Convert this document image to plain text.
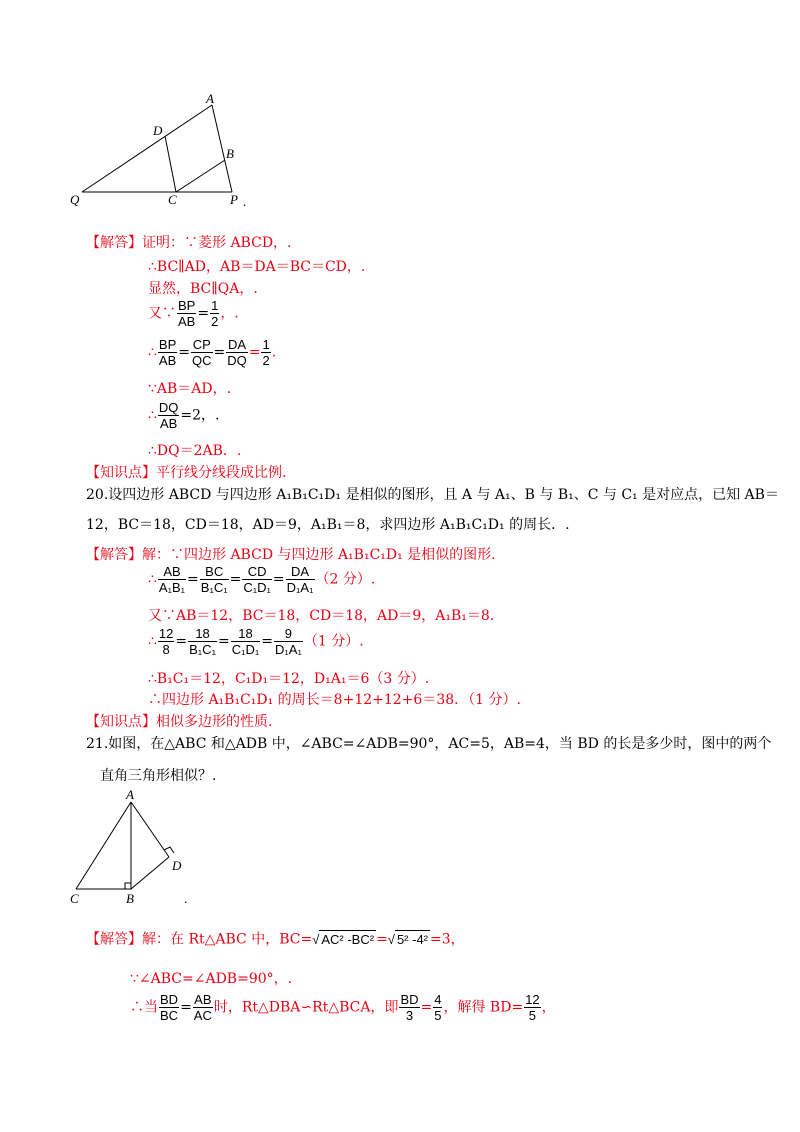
A
D
B
Q	C	P .
【解答】证明：∵菱形 ABCD，.
∴BC∥AD，AB＝DA＝BC＝CD，.
显然，BC∥QA，.
又∵ $\frac{BP}{AB} = \frac{1}{2}$ ，.
∴ $\frac{BP}{AB} = \frac{CP}{QC} = \frac{DA}{DQ} = \frac{1}{2}$ .
∵AB＝AD，.
∴ $\frac{DQ}{AB} =2$，.
∴DQ＝2AB．.
【知识点】平行线分线段成比例.
20.设四边形 ABCD 与四边形 A₁B₁C₁D₁ 是相似的图形，且 A 与 A₁、B 与 B₁、C 与 C₁ 是对应点，已知 AB＝
12，BC＝18，CD＝18，AD＝9，A₁B₁＝8，求四边形 A₁B₁C₁D₁ 的周长．.
【解答】解：∵四边形 ABCD 与四边形 A₁B₁C₁D₁ 是相似的图形.
∴ $\frac{AB}{\text{A₁B₁}} = \frac{BC}{\text{B₁C₁}} = \frac{CD}{\text{C₁D₁}} = \frac{DA}{\text{D₁A₁}} (2$ 分）.
又∵AB＝12，BC＝18，CD＝18，AD＝9，A₁B₁＝8.
∴ $\frac{12}{8} = \frac{18}{\text{B₁C₁}} = \frac{18}{\text{C₁D₁}} = \frac{9}{\text{D₁A₁}} (1$ 分）.
∴B₁C₁＝12，C₁D₁＝12，D₁A₁＝6（3 分）.
∴四边形 A₁B₁C₁D₁ 的周长＝8+12+12+6＝38．（1 分）.
【知识点】相似多边形的性质.
21.如图，在△ABC 和△ADB 中，∠ABC=∠ADB=90°，AC=5，AB=4，当 BD 的长是多少时，图中的两个
直角三角形相似？.
A
C	B
D
.
【解答】解：在 Rt△ABC 中，BC=√ AC² -BC² =√ 5² -4² =3，
∵∠ABC=∠ADB=90°，.
∴当 $\frac{BD}{BC} = \frac{AB}{AC}$ 时，Rt△DBA∽Rt△BCA，即 $\frac{BD}{3} = \frac{4}{5}$ ，解得 $BD= \frac{12}{5}$ ，
